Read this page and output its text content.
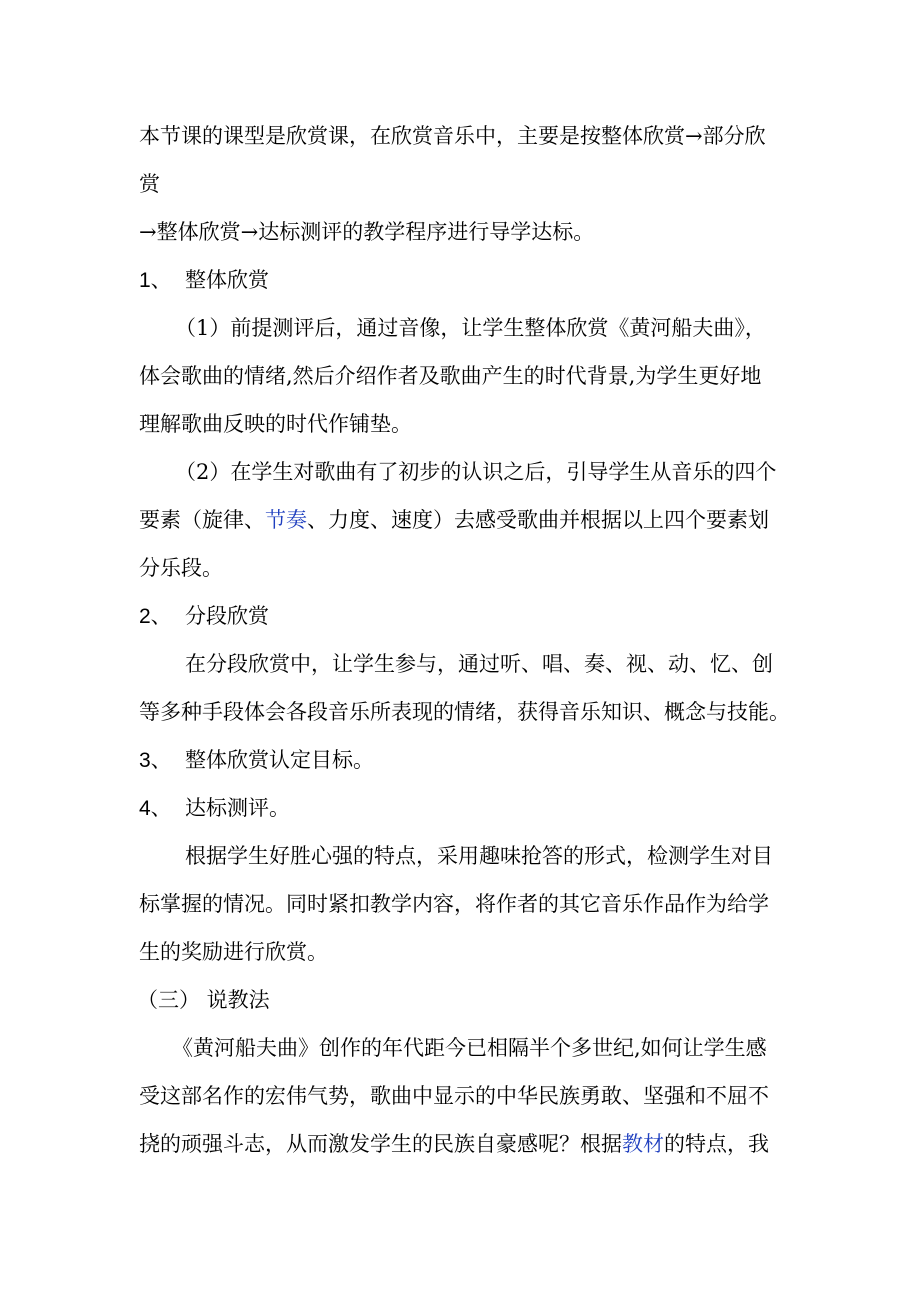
本节课的课型是欣赏课，在欣赏音乐中，主要是按整体欣赏→部分欣
赏
→整体欣赏→达标测评的教学程序进行导学达标。
1、 整体欣赏
（1）前提测评后，通过音像，让学生整体欣赏《黄河船夫曲》，
体会歌曲的情绪,然后介绍作者及歌曲产生的时代背景,为学生更好地
理解歌曲反映的时代作铺垫。
（2）在学生对歌曲有了初步的认识之后，引导学生从音乐的四个
要素（旋律、节奏、力度、速度）去感受歌曲并根据以上四个要素划
分乐段。
2、 分段欣赏
在分段欣赏中，让学生参与，通过听、唱、奏、视、动、忆、创
等多种手段体会各段音乐所表现的情绪，获得音乐知识、概念与技能。
3、 整体欣赏认定目标。
4、 达标测评。
根据学生好胜心强的特点，采用趣味抢答的形式，检测学生对目
标掌握的情况。同时紧扣教学内容，将作者的其它音乐作品作为给学
生的奖励进行欣赏。
（三） 说教法
《黄河船夫曲》创作的年代距今已相隔半个多世纪,如何让学生感
受这部名作的宏伟气势，歌曲中显示的中华民族勇敢、坚强和不屈不
挠的顽强斗志，从而激发学生的民族自豪感呢？根据教材的特点，我
